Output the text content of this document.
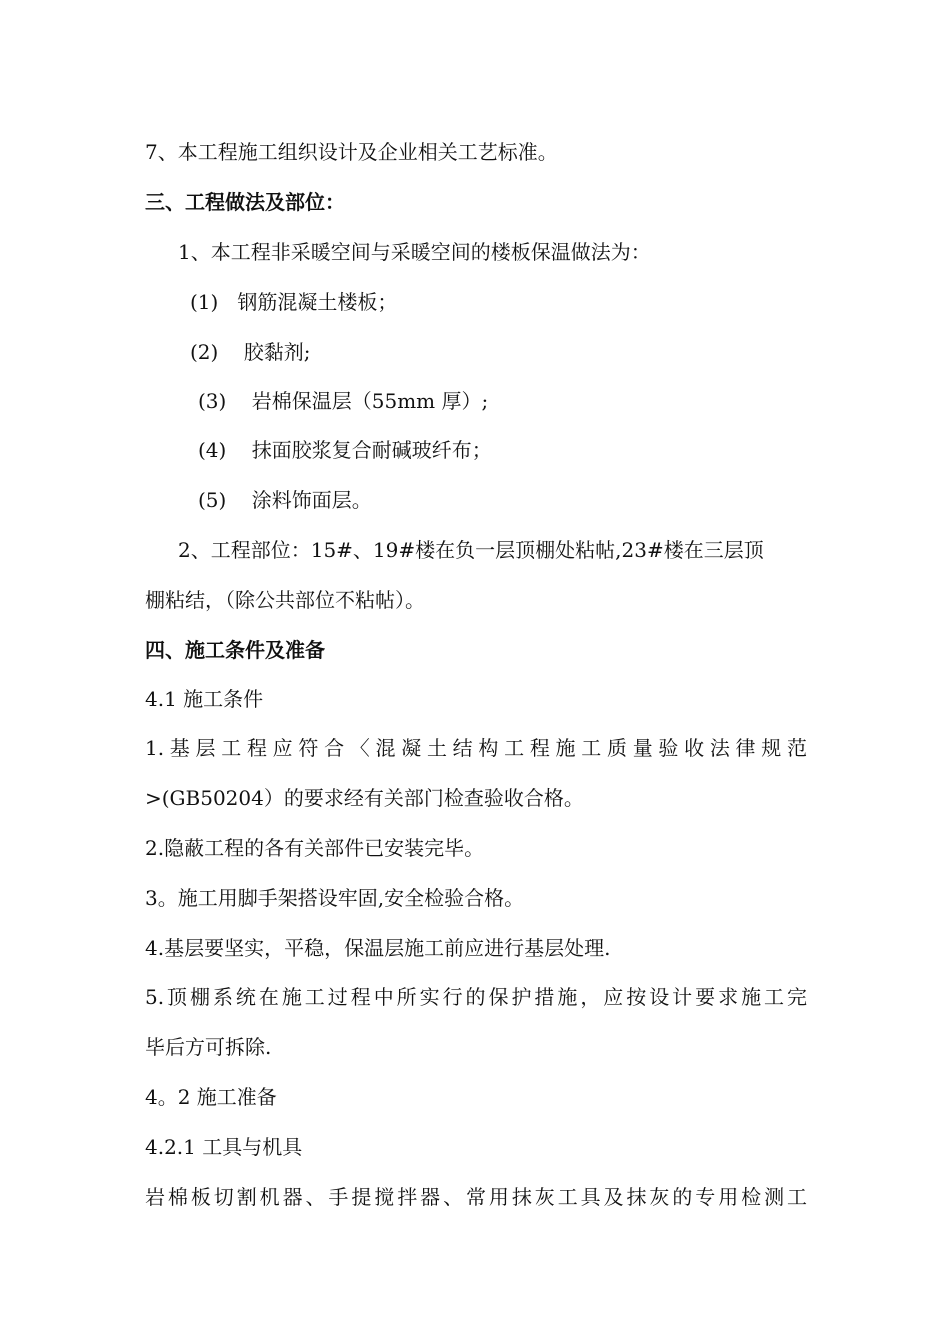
7、本工程施工组织设计及企业相关工艺标准。
三、工程做法及部位：
1、本工程非采暖空间与采暖空间的楼板保温做法为：
(1)   钢筋混凝土楼板；
(2)    胶黏剂;
(3)    岩棉保温层（55mm 厚）;
(4)    抹面胶浆复合耐碱玻纤布；
(5)    涂料饰面层。
2、工程部位：15#、19#楼在负一层顶棚处粘帖,23#楼在三层顶
棚粘结，（除公共部位不粘帖）。
四、施工条件及准备
4.1 施工条件
1.基层工程应符合〈混凝土结构工程施工质量验收法律规范
>(GB50204）的要求经有关部门检查验收合格。
2.隐蔽工程的各有关部件已安装完毕。
3。施工用脚手架搭设牢固,安全检验合格。
4.基层要坚实，平稳，保温层施工前应进行基层处理.
5.顶棚系统在施工过程中所实行的保护措施，应按设计要求施工完
毕后方可拆除.
4。2 施工准备
4.2.1 工具与机具
岩棉板切割机器、手提搅拌器、常用抹灰工具及抹灰的专用检测工
